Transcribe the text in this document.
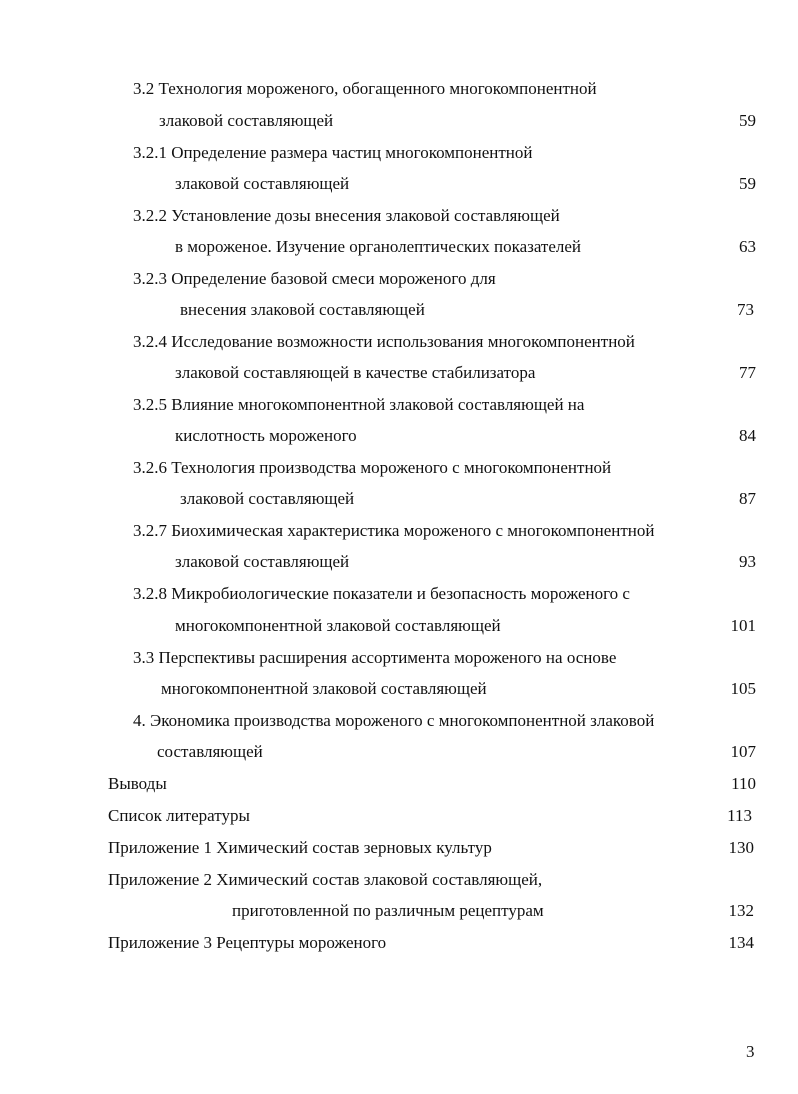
3.2 Технология мороженого, обогащенного многокомпонентной
злаковой составляющей	59
3.2.1 Определение размера частиц многокомпонентной
злаковой составляющей	59
3.2.2 Установление дозы внесения злаковой составляющей
в мороженое. Изучение органолептических показателей	63
3.2.3 Определение базовой смеси мороженого для
внесения злаковой составляющей	73
3.2.4 Исследование возможности использования многокомпонентной
злаковой составляющей в качестве стабилизатора	77
3.2.5 Влияние многокомпонентной злаковой составляющей на
кислотность мороженого	84
3.2.6 Технология производства мороженого с многокомпонентной
злаковой составляющей	87
3.2.7 Биохимическая характеристика мороженого с многокомпонентной
злаковой составляющей	93
3.2.8 Микробиологические показатели и безопасность мороженого с
многокомпонентной злаковой составляющей	101
3.3 Перспективы расширения ассортимента мороженого на основе
многокомпонентной злаковой составляющей	105
4. Экономика производства мороженого с многокомпонентной злаковой
составляющей	107
Выводы	110
Список литературы	113
Приложение 1 Химический состав зерновых культур	130
Приложение 2 Химический состав злаковой составляющей,
приготовленной по различным рецептурам	132
Приложение 3 Рецептуры мороженого	134
3
